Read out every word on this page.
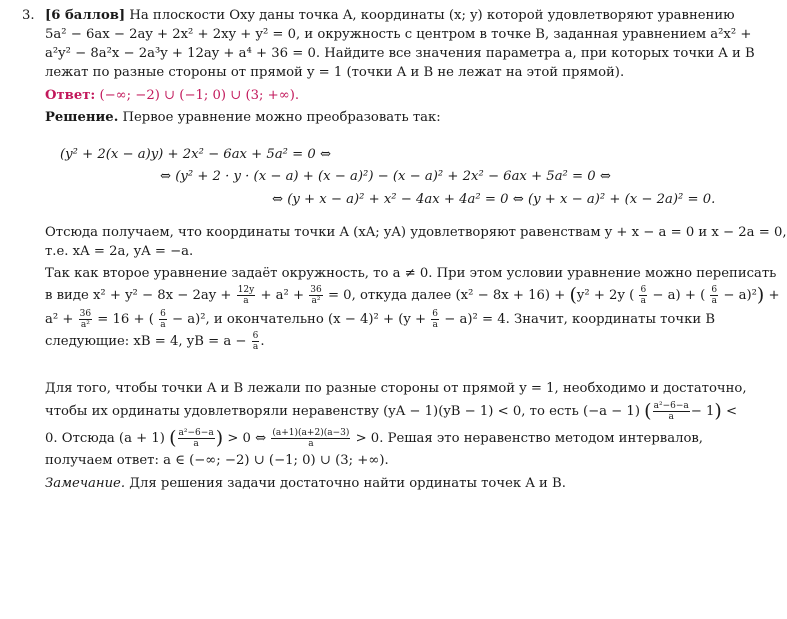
3. [6 баллов] На плоскости Oxy даны точка A, координаты (x; y) которой удовлетворяют уравнению
5a² − 6ax − 2ay + 2x² + 2xy + y² = 0, и окружность с центром в точке B, заданная уравнением a²x² +
a²y² − 8a²x − 2a³y + 12ay + a⁴ + 36 = 0. Найдите все значения параметра a, при которых точки A и B
лежат по разные стороны от прямой y = 1 (точки A и B не лежат на этой прямой).
Ответ: (−∞; −2) ∪ (−1; 0) ∪ (3; +∞).
Решение. Первое уравнение можно преобразовать так:
(y² + 2(x − a)y) + 2x² − 6ax + 5a² = 0 ⇔
⇔ (y² + 2 · y · (x − a) + (x − a)²) − (x − a)² + 2x² − 6ax + 5a² = 0 ⇔
⇔ (y + x − a)² + x² − 4ax + 4a² = 0 ⇔ (y + x − a)² + (x − 2a)² = 0.
Отсюда получаем, что координаты точки A (xA; yA) удовлетворяют равенствам y + x − a = 0 и x − 2a = 0,
т.е. xA = 2a, yA = −a.
Так как второе уравнение задаёт окружность, то a ≠ 0. При этом условии уравнение можно переписать
в виде $x^2 + y^2 - 8x - 2ay + \frac{12y}{a} + a^2 + \frac{36}{\text{a²}} = 0$, откуда далее (x² − 8x + 16) + (y² + 2y ( $\frac{6}{a} - a$) + ( $\frac{6}{a} - a)^2$) +
$a^2 + \frac{36}{\text{a²}} = 16$ + ( $\frac{6}{a} - a)^2$, и окончательно $(x - 4)^2 + (y + \frac{6}{a} - a)^2 = 4$. Значит, координаты точки B
следующие: xB = 4, yB = $a - \frac{6}{a}$ .
Для того, чтобы точки A и B лежали по разные стороны от прямой y = 1, необходимо и достаточно,
чтобы их ординаты удовлетворяли неравенству (yA − 1)(yB − 1) < 0, то есть (−a − 1) ( $\frac{\text{a²−6−a}}{a} - 1$) <
0. Отсюда (a + 1) ( $\frac{\text{a²−6−a}}{a}$ ) > 0 ⇔ $\frac{(a+1)(a+2)(a-3)}{a} > 0$. Решая это неравенство методом интервалов,
получаем ответ: a ∈ (−∞; −2) ∪ (−1; 0) ∪ (3; +∞).
Замечание. Для решения задачи достаточно найти ординаты точек A и B.
